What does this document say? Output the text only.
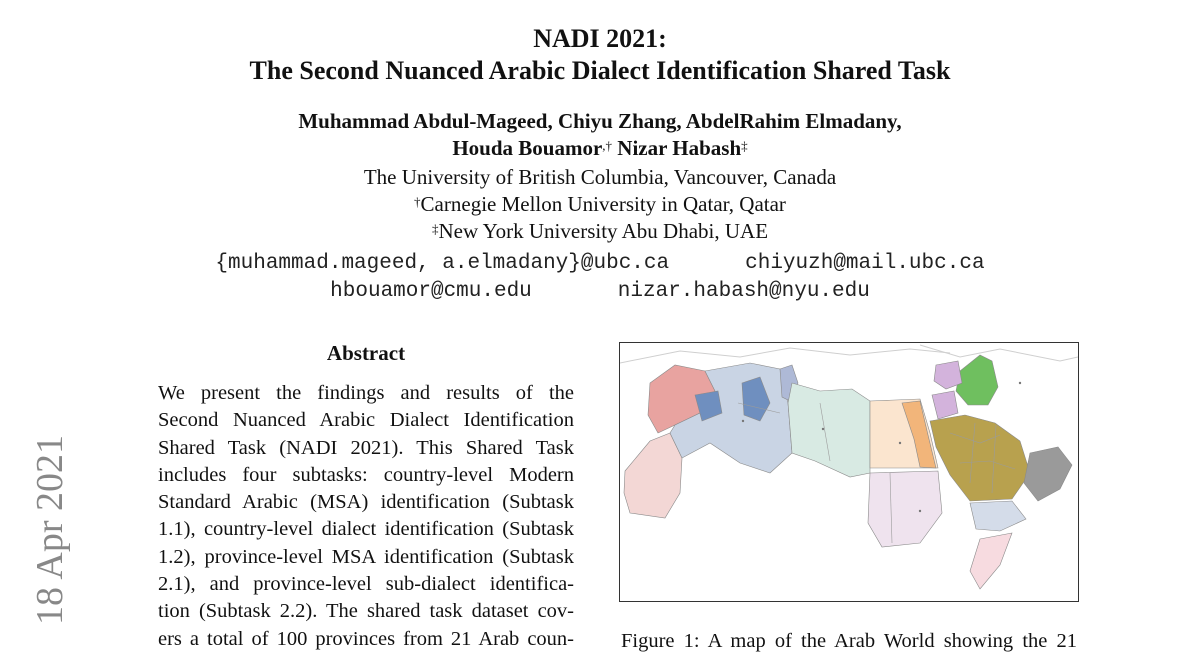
NADI 2021:
The Second Nuanced Arabic Dialect Identification Shared Task
Muhammad Abdul-Mageed, Chiyu Zhang, AbdelRahim Elmadany,
Houda Bouamor,† Nizar Habash‡
The University of British Columbia, Vancouver, Canada
†Carnegie Mellon University in Qatar, Qatar
‡New York University Abu Dhabi, UAE
{muhammad.mageed, a.elmadany}@ubc.ca	chiyuzh@mail.ubc.ca
hbouamor@cmu.edu	nizar.habash@nyu.edu
18 Apr 2021
Abstract
We present the findings and results of the
Second Nuanced Arabic Dialect Identification
Shared Task (NADI 2021). This Shared Task
includes four subtasks: country-level Modern
Standard Arabic (MSA) identification (Subtask
1.1), country-level dialect identification (Subtask
1.2), province-level MSA identification (Subtask
2.1), and province-level sub-dialect identifica-
tion (Subtask 2.2). The shared task dataset cov-
ers a total of 100 provinces from 21 Arab coun- Figure 1: A map of the Arab World showing the 21
